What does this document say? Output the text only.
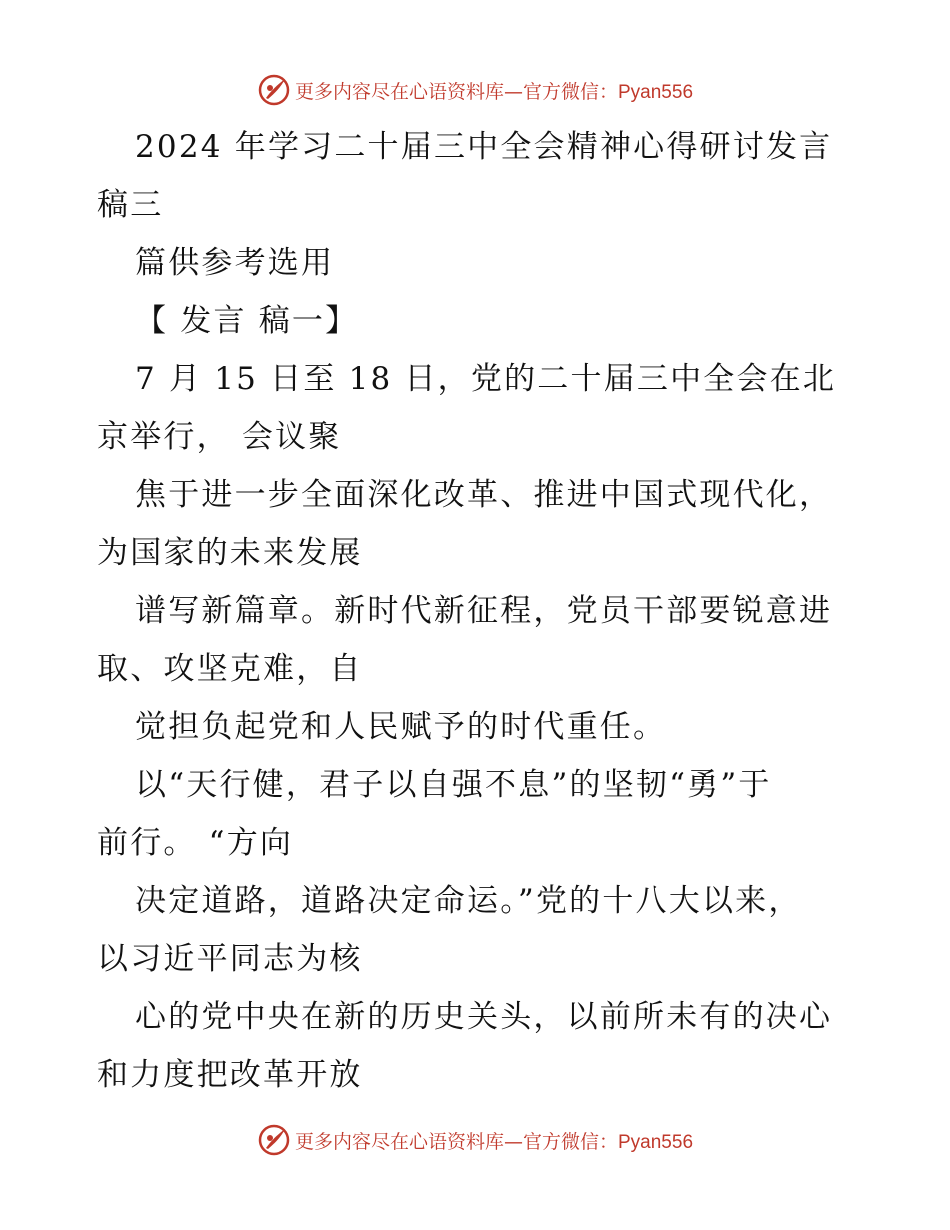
更多内容尽在心语资料库—官方微信：Pyan556
2024 年学习二十届三中全会精神心得研讨发言
稿三
篇供参考选用
【 发言 稿一】
7 月 15 日至 18 日，党的二十届三中全会在北
京举行， 会议聚
焦于进一步全面深化改革、推进中国式现代化，
为国家的未来发展
谱写新篇章。新时代新征程，党员干部要锐意进
取、攻坚克难，自
觉担负起党和人民赋予的时代重任。
以“天行健，君子以自强不息”的坚韧“勇”于
前行。 “方向
决定道路，道路决定命运。”党的十八大以来，
以习近平同志为核
心的党中央在新的历史关头，以前所未有的决心
和力度把改革开放
更多内容尽在心语资料库—官方微信：Pyan556
